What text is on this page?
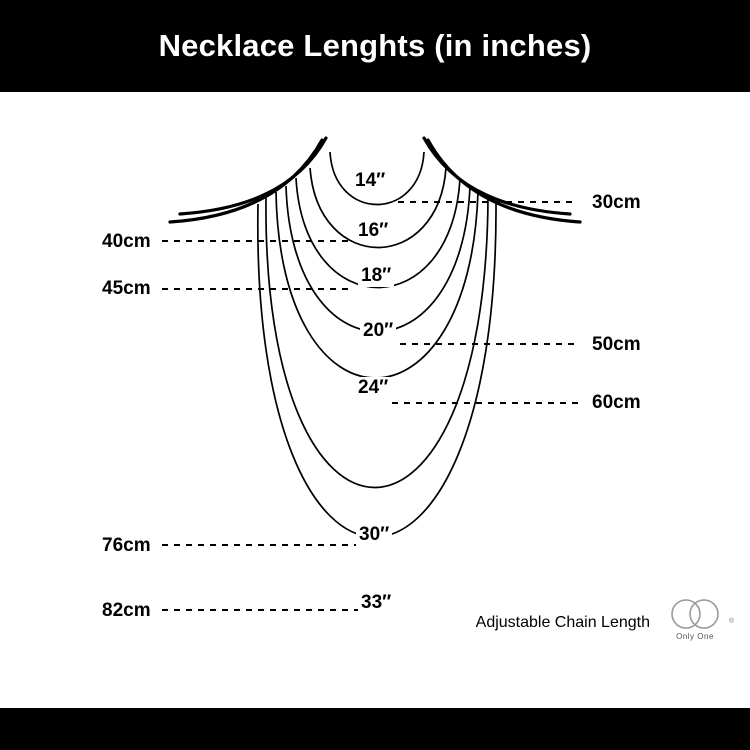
Necklace Lenghts (in inches)
14″
16″
18″
20″
24″
30″
33″
40cm
45cm
76cm
82cm
30cm
50cm
60cm
Adjustable Chain Length	®
Only One
